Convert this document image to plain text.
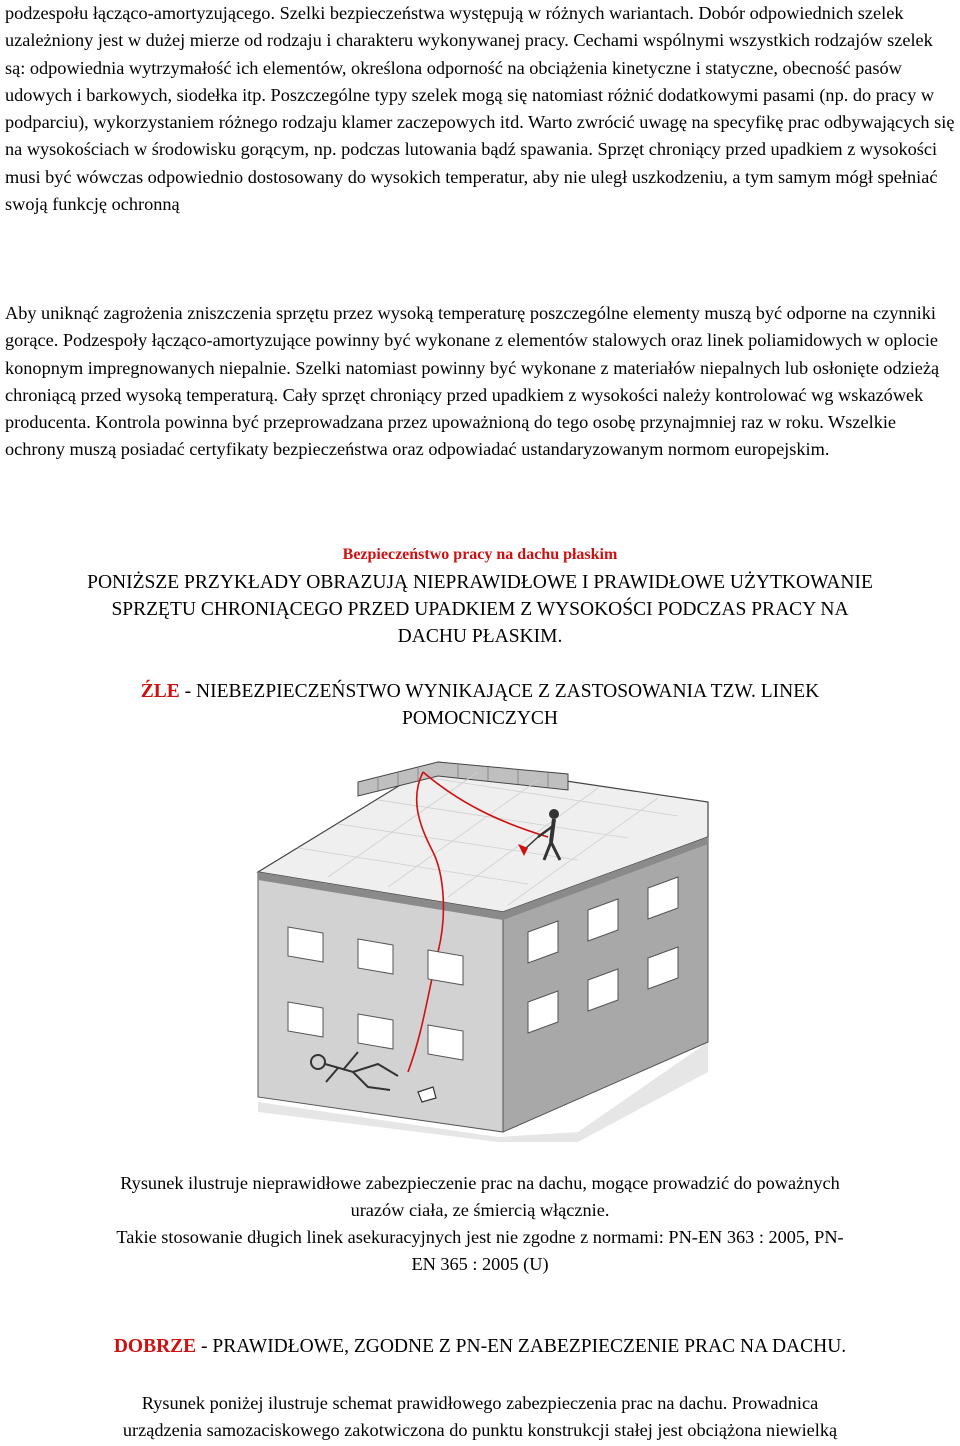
podzespołu łącząco-amortyzującego. Szelki bezpieczeństwa występują w różnych wariantach. Dobór odpowiednich szelek uzależniony jest w dużej mierze od rodzaju i charakteru wykonywanej pracy. Cechami wspólnymi wszystkich rodzajów szelek są: odpowiednia wytrzymałość ich elementów, określona odporność na obciążenia kinetyczne i statyczne, obecność pasów udowych i barkowych, siodełka itp. Poszczególne typy szelek mogą się natomiast różnić dodatkowymi pasami (np. do pracy w podparciu), wykorzystaniem różnego rodzaju klamer zaczepowych itd. Warto zwrócić uwagę na specyfikę prac odbywających się na wysokościach w środowisku gorącym, np. podczas lutowania bądź spawania. Sprzęt chroniący przed upadkiem z wysokości musi być wówczas odpowiednio dostosowany do wysokich temperatur, aby nie uległ uszkodzeniu, a tym samym mógł spełniać swoją funkcję ochronną

Aby uniknąć zagrożenia zniszczenia sprzętu przez wysoką temperaturę poszczególne elementy muszą być odporne na czynniki gorące. Podzespoły łącząco-amortyzujące powinny być wykonane z elementów stalowych oraz linek poliamidowych w oplocie konopnym impregnowanych niepalnie. Szelki natomiast powinny być wykonane z materiałów niepalnych lub osłonięte odzieżą chroniącą przed wysoką temperaturą. Cały sprzęt chroniący przed upadkiem z wysokości należy kontrolować wg wskazówek producenta. Kontrola powinna być przeprowadzana przez upoważnioną do tego osobę przynajmniej raz w roku. Wszelkie ochrony muszą posiadać certyfikaty bezpieczeństwa oraz odpowiadać ustandaryzowanym normom europejskim.

Bezpieczeństwo pracy na dachu płaskim
PONIŻSZE PRZYKŁADY OBRAZUJĄ NIEPRAWIDŁOWE I PRAWIDŁOWE UŻYTKOWANIE
SPRZĘTU CHRONIĄCEGO PRZED UPADKIEM Z WYSOKOŚCI PODCZAS PRACY NA
DACHU PŁASKIM.
ŹLE - NIEBEZPIECZEŃSTWO WYNIKAJĄCE Z ZASTOSOWANIA TZW. LINEK
POMOCNICZYCH
Rysunek ilustruje nieprawidłowe zabezpieczenie prac na dachu, mogące prowadzić do poważnych
urazów ciała, ze śmiercią włącznie.
Takie stosowanie długich linek asekuracyjnych jest nie zgodne z normami: PN-EN 363 : 2005, PN-
EN 365 : 2005 (U)
DOBRZE - PRAWIDŁOWE, ZGODNE Z PN-EN ZABEZPIECZENIE PRAC NA DACHU.
Rysunek poniżej ilustruje schemat prawidłowego zabezpieczenia prac na dachu. Prowadnica
urządzenia samozaciskowego zakotwiczona do punktu konstrukcji stałej jest obciążona niewielką
